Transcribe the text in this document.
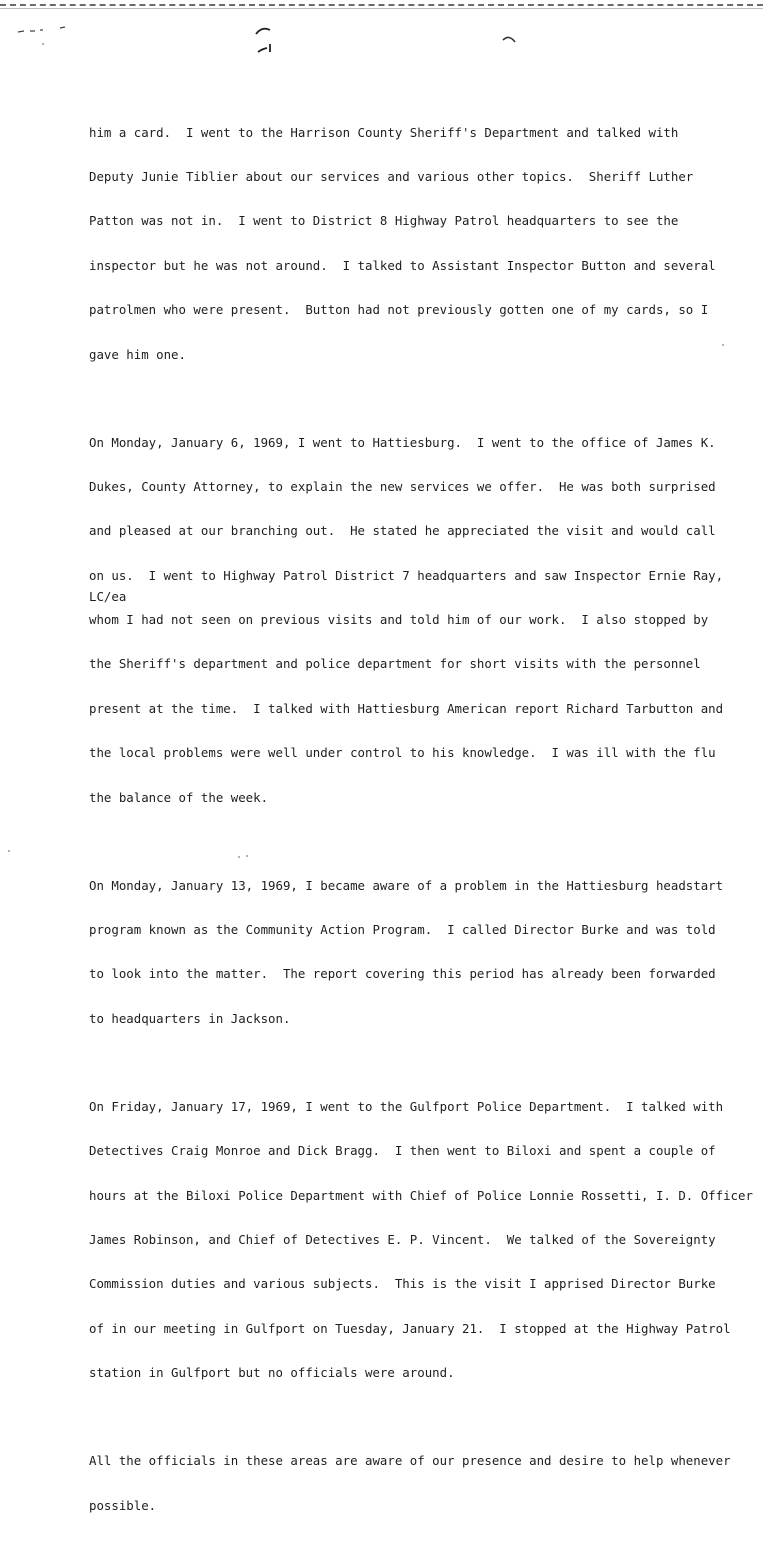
him a card.  I went to the Harrison County Sheriff's Department and talked with

Deputy Junie Tiblier about our services and various other topics.  Sheriff Luther

Patton was not in.  I went to District 8 Highway Patrol headquarters to see the

inspector but he was not around.  I talked to Assistant Inspector Button and several

patrolmen who were present.  Button had not previously gotten one of my cards, so I

gave him one.

On Monday, January 6, 1969, I went to Hattiesburg.  I went to the office of James K.

Dukes, County Attorney, to explain the new services we offer.  He was both surprised

and pleased at our branching out.  He stated he appreciated the visit and would call

on us.  I went to Highway Patrol District 7 headquarters and saw Inspector Ernie Ray,

whom I had not seen on previous visits and told him of our work.  I also stopped by

the Sheriff's department and police department for short visits with the personnel

present at the time.  I talked with Hattiesburg American report Richard Tarbutton and

the local problems were well under control to his knowledge.  I was ill with the flu

the balance of the week.

On Monday, January 13, 1969, I became aware of a problem in the Hattiesburg headstart

program known as the Community Action Program.  I called Director Burke and was told

to look into the matter.  The report covering this period has already been forwarded

to headquarters in Jackson.

On Friday, January 17, 1969, I went to the Gulfport Police Department.  I talked with

Detectives Craig Monroe and Dick Bragg.  I then went to Biloxi and spent a couple of

hours at the Biloxi Police Department with Chief of Police Lonnie Rossetti, I. D. Officer

James Robinson, and Chief of Detectives E. P. Vincent.  We talked of the Sovereignty

Commission duties and various subjects.  This is the visit I apprised Director Burke

of in our meeting in Gulfport on Tuesday, January 21.  I stopped at the Highway Patrol

station in Gulfport but no officials were around.

All the officials in these areas are aware of our presence and desire to help whenever

possible.

LC/ea
